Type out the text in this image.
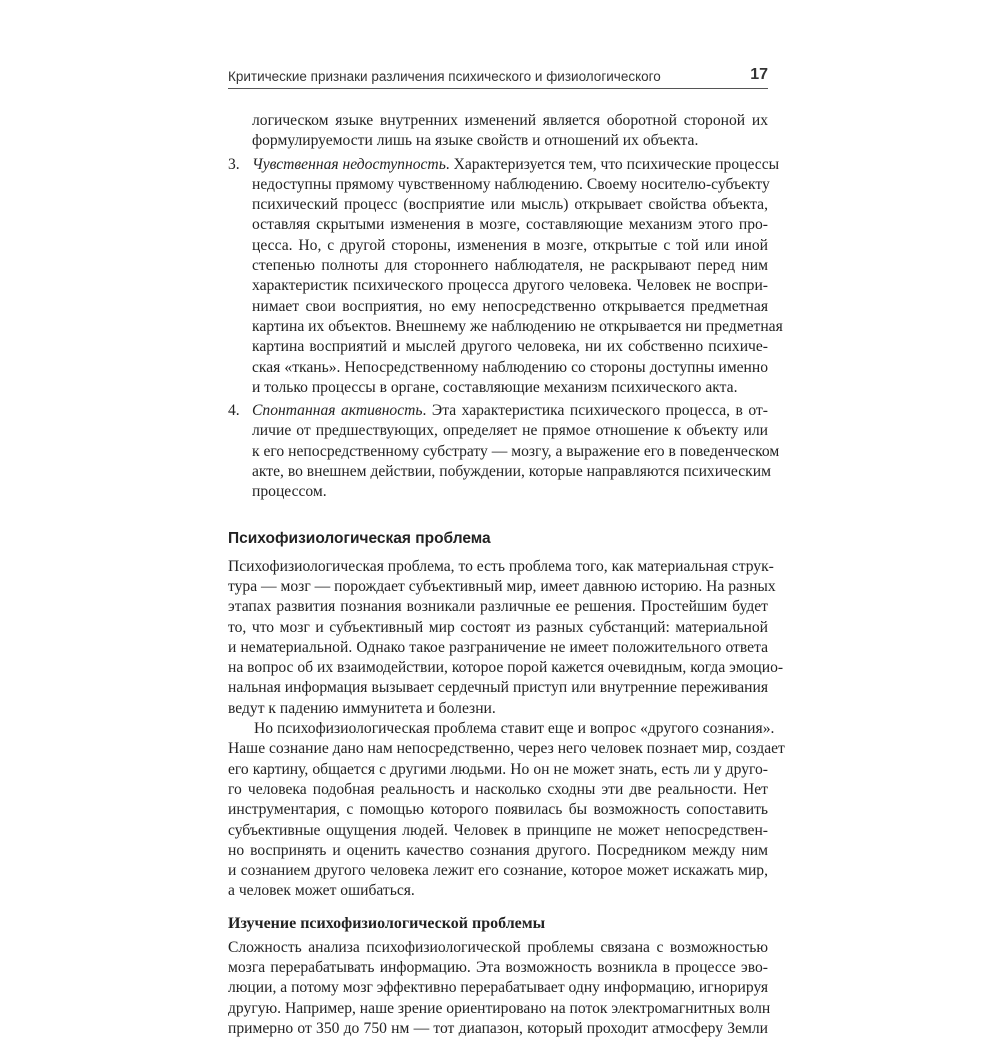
Критические признаки различения психического и физиологического	17
логическом языке внутренних изменений является оборотной стороной их
формулируемости лишь на языке свойств и отношений их объекта.
3. Чувственная недоступность. Характеризуется тем, что психические процессы
недоступны прямому чувственному наблюдению. Своему носителю-субъекту
психический процесс (восприятие или мысль) открывает свойства объекта,
оставляя скрытыми изменения в мозге, составляющие механизм этого про-
цесса. Но, с другой стороны, изменения в мозге, открытые с той или иной
степенью полноты для стороннего наблюдателя, не раскрывают перед ним
характеристик психического процесса другого человека. Человек не воспри-
нимает свои восприятия, но ему непосредственно открывается предметная
картина их объектов. Внешнему же наблюдению не открывается ни предметная
картина восприятий и мыслей другого человека, ни их собственно психиче-
ская «ткань». Непосредственному наблюдению со стороны доступны именно
и только процессы в органе, составляющие механизм психического акта.
4. Спонтанная активность. Эта характеристика психического процесса, в от-
личие от предшествующих, определяет не прямое отношение к объекту или
к его непосредственному субстрату — мозгу, а выражение его в поведенческом
акте, во внешнем действии, побуждении, которые направляются психическим
процессом.
Психофизиологическая проблема
Психофизиологическая проблема, то есть проблема того, как материальная струк-
тура — мозг — порождает субъективный мир, имеет давнюю историю. На разных
этапах развития познания возникали различные ее решения. Простейшим будет
то, что мозг и субъективный мир состоят из разных субстанций: материальной
и нематериальной. Однако такое разграничение не имеет положительного ответа
на вопрос об их взаимодействии, которое порой кажется очевидным, когда эмоцио-
нальная информация вызывает сердечный приступ или внутренние переживания
ведут к падению иммунитета и болезни.
Но психофизиологическая проблема ставит еще и вопрос «другого сознания».
Наше сознание дано нам непосредственно, через него человек познает мир, создает
его картину, общается с другими людьми. Но он не может знать, есть ли у друго-
го человека подобная реальность и насколько сходны эти две реальности. Нет
инструментария, с помощью которого появилась бы возможность сопоставить
субъективные ощущения людей. Человек в принципе не может непосредствен-
но воспринять и оценить качество сознания другого. Посредником между ним
и сознанием другого человека лежит его сознание, которое может искажать мир,
а человек может ошибаться.
Изучение психофизиологической проблемы
Сложность анализа психофизиологической проблемы связана с возможностью
мозга перерабатывать информацию. Эта возможность возникла в процессе эво-
люции, а потому мозг эффективно перерабатывает одну информацию, игнорируя
другую. Например, наше зрение ориентировано на поток электромагнитных волн
примерно от 350 до 750 нм — тот диапазон, который проходит атмосферу Земли
